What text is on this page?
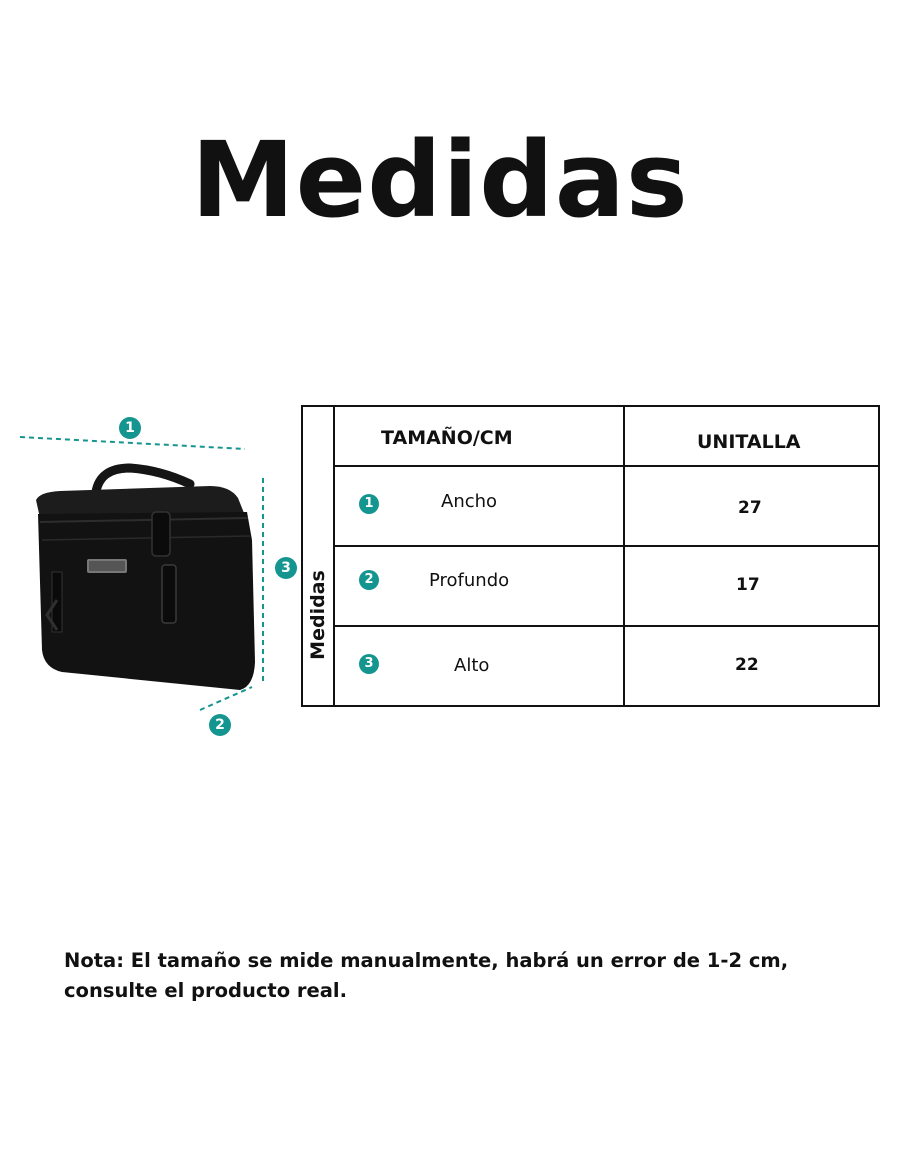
Medidas
1
3
2
Medidas
TAMAÑO/CM	UNITALLA
1	Ancho	27
2	Profundo	17
3	Alto	22
Nota: El tamaño se mide manualmente, habrá un error de 1-2 cm, consulte el producto real.
